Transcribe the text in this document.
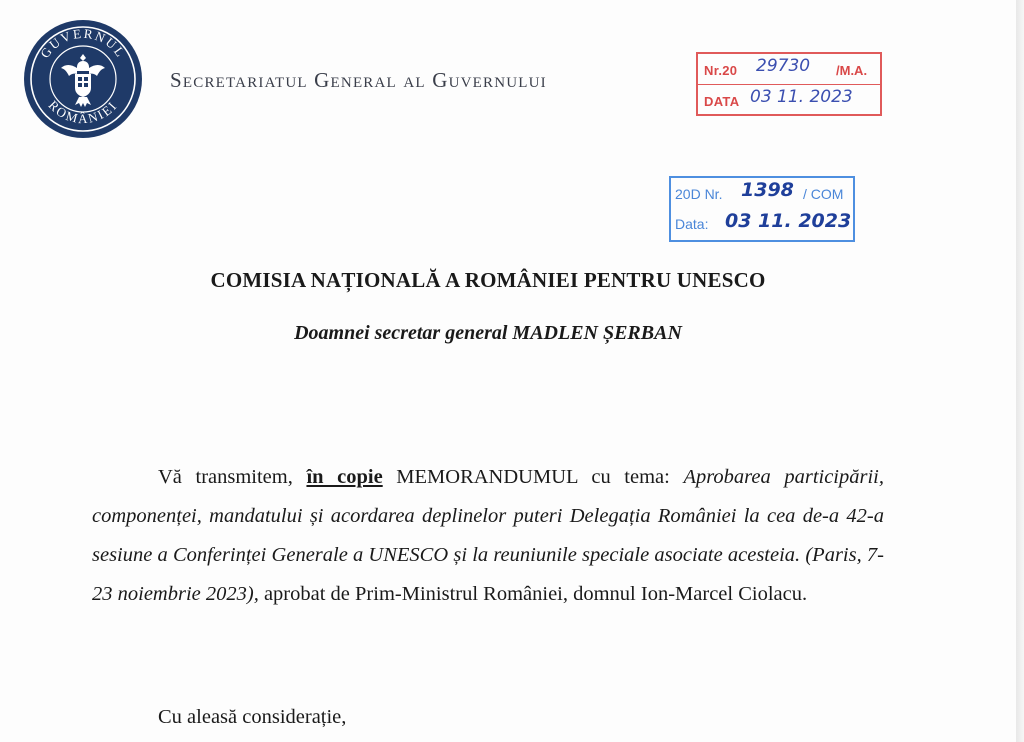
GUVERNUL
ROMÂNIEI
Secretariatul General al Guvernului	Nr.20 29730 /M.A.
DATA 03 11. 2023
20D Nr. 1398 / COM
Data: 03 11. 2023
COMISIA NAȚIONALĂ A ROMÂNIEI PENTRU UNESCO
Doamnei secretar general MADLEN ȘERBAN
Vă transmitem, în copie MEMORANDUMUL cu tema: Aprobarea participării, componenței, mandatului și acordarea deplinelor puteri Delegația României la cea de-a 42-a sesiune a Conferinței Generale a UNESCO și la reuniunile speciale asociate acesteia. (Paris, 7-23 noiembrie 2023), aprobat de Prim-Ministrul României, domnul Ion-Marcel Ciolacu.
Cu aleasă considerație,
